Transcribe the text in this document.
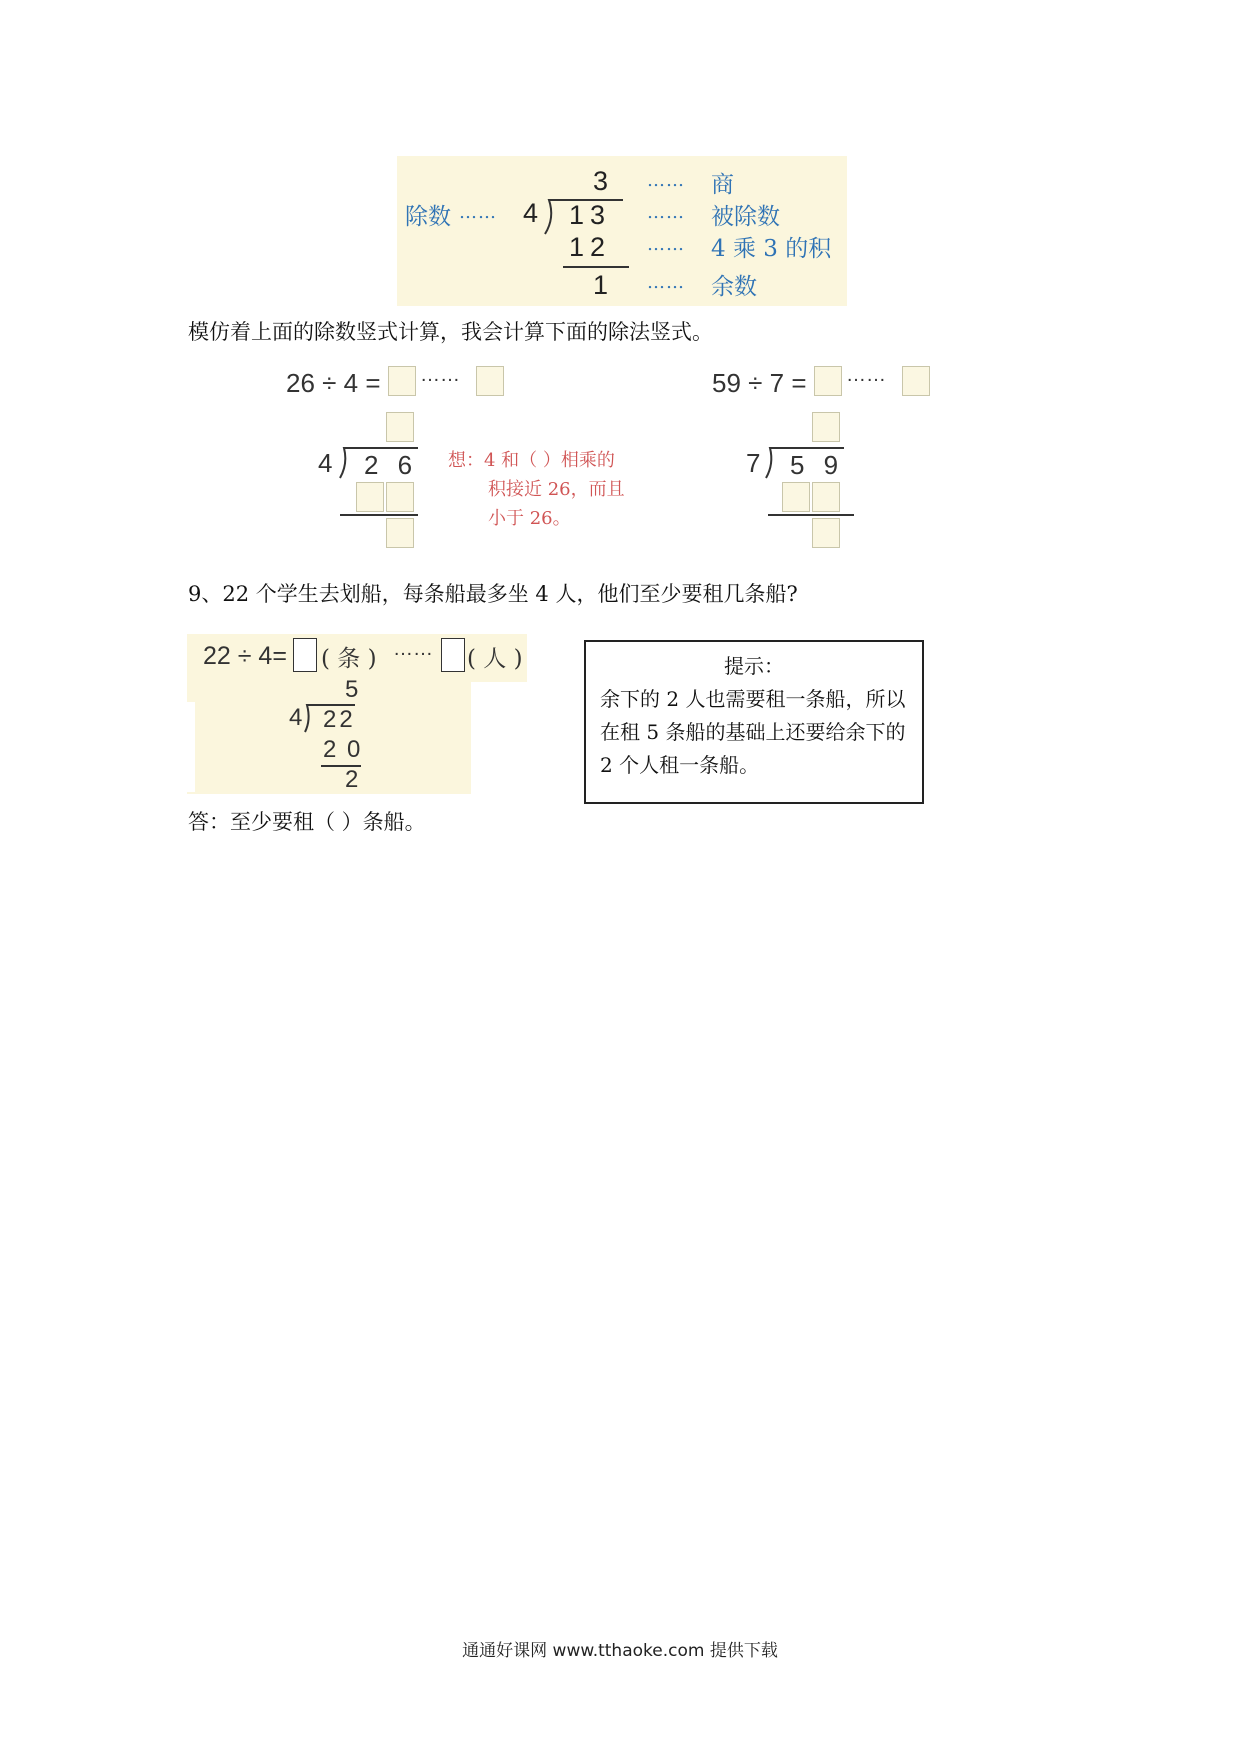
3 …… 商
除数 …… 4 13 …… 被除数
12 …… 4 乘 3 的积
1 …… 余数
模仿着上面的除数竖式计算，我会计算下面的除法竖式。
26 ÷ 4 = ……
4 2 6 想：4 和（ ）相乘的
积接近 26，而且
小于 26。
59 ÷ 7 = ……
7 5 9
9、22 个学生去划船，每条船最多坐 4 人，他们至少要租几条船?
22 ÷ 4= ( 条 ) …… ( 人 )
5
4 22
2 0
2
提示：
余下的 2 人也需要租一条船，所以在租 5 条船的基础上还要给余下的 2 个人租一条船。
答：至少要租（ ）条船。
通通好课网 www.tthaoke.com 提供下载
